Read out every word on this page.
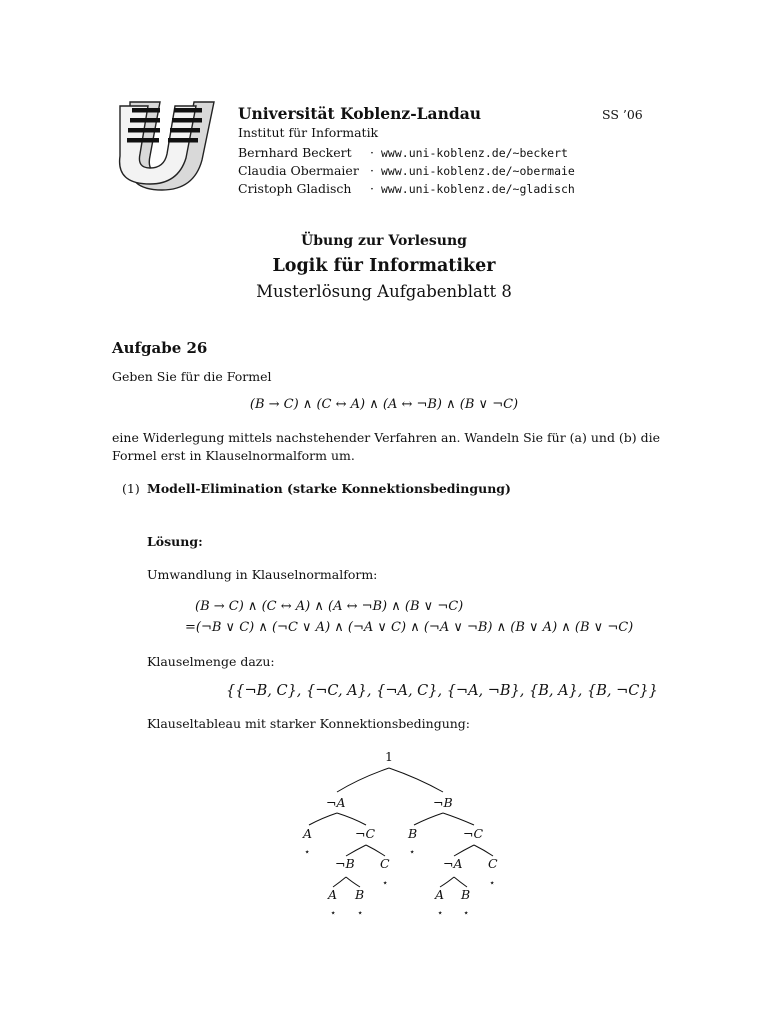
Universität Koblenz-Landau	SS ’06
Institut für Informatik
Bernhard Beckert · www.uni-koblenz.de/~beckert
Claudia Obermaier · www.uni-koblenz.de/~obermaie
Cristoph Gladisch · www.uni-koblenz.de/~gladisch
Übung zur Vorlesung
Logik für Informatiker
Musterlösung Aufgabenblatt 8
Aufgabe 26
Geben Sie für die Formel
(B → C) ∧ (C ↔ A) ∧ (A ↔ ¬B) ∧ (B ∨ ¬C)
eine Widerlegung mittels nachstehender Verfahren an. Wandeln Sie für (a) und (b) die
Formel erst in Klauselnormalform um.
(1) Modell-Elimination (starke Konnektionsbedingung)
Lösung:
Umwandlung in Klauselnormalform:
(B → C) ∧ (C ↔ A) ∧ (A ↔ ¬B) ∧ (B ∨ ¬C)
=(¬B ∨ C) ∧ (¬C ∨ A) ∧ (¬A ∨ C) ∧ (¬A ∨ ¬B) ∧ (B ∨ A) ∧ (B ∨ ¬C)
Klauselmenge dazu:
{{¬B, C}, {¬C, A}, {¬A, C}, {¬A, ¬B}, {B, A}, {B, ¬C}}
Klauseltableau mit starker Konnektionsbedingung:
1
¬A	¬B
A
⋆
¬C	B
⋆
¬C
¬B C
⋆
¬A C
⋆
A
⋆
B
⋆
A
⋆
B
⋆
